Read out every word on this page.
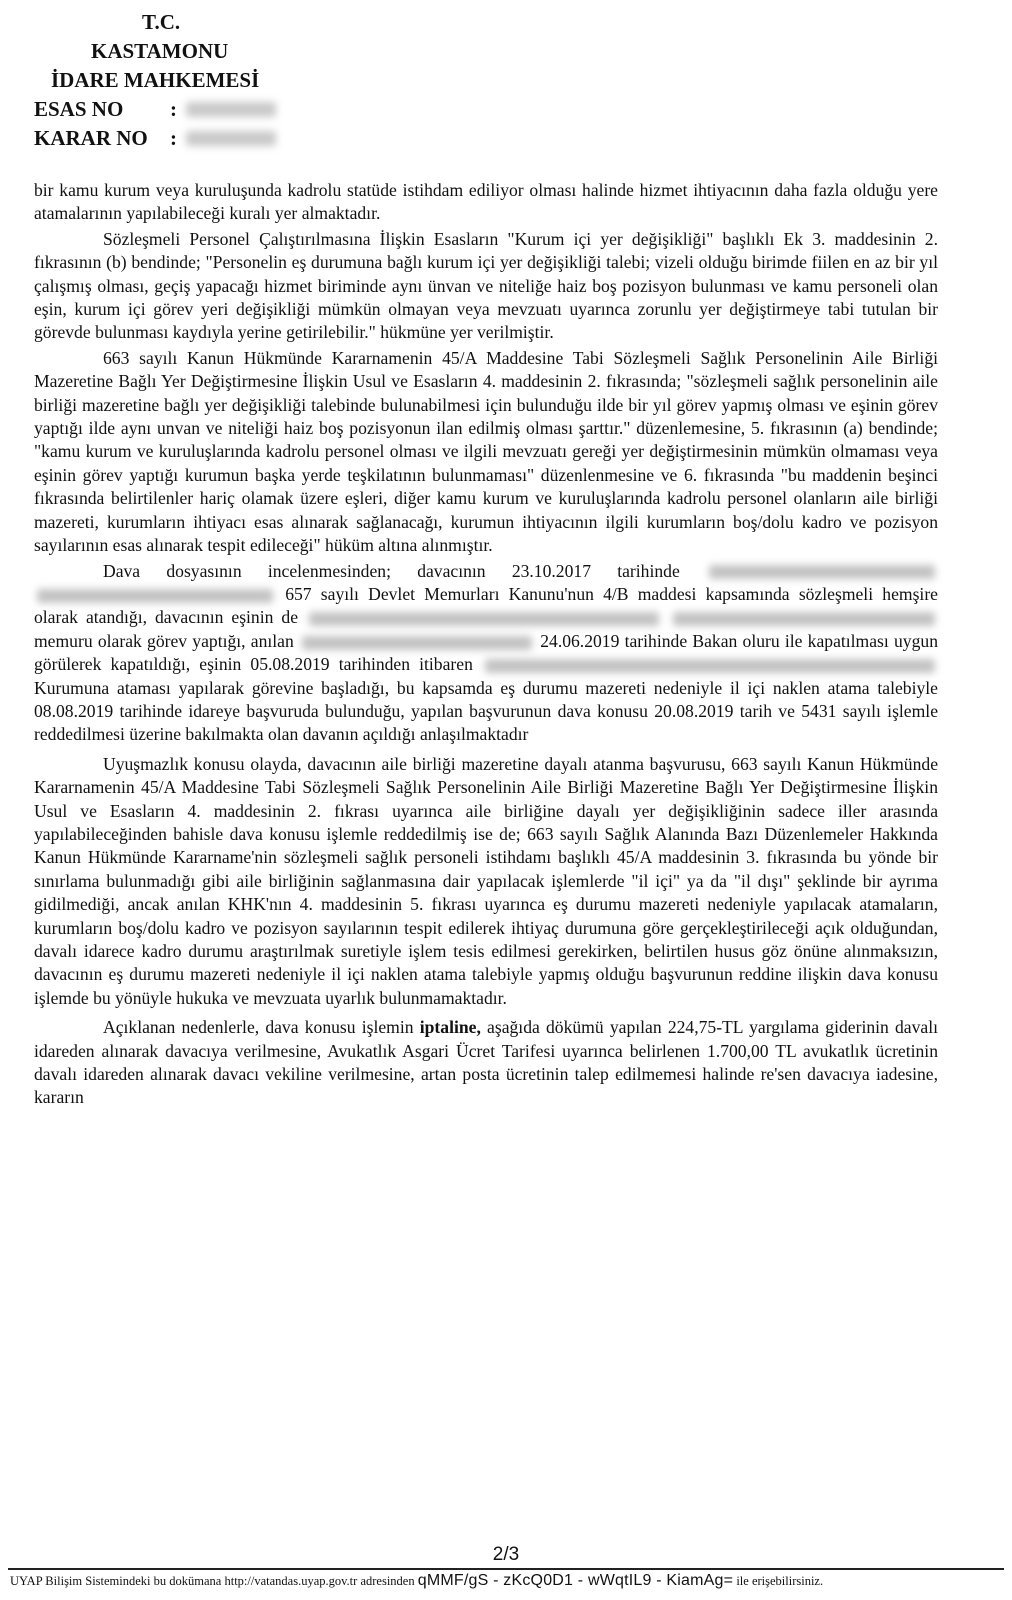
T.C.
KASTAMONU
İDARE MAHKEMESİ
ESAS NO	:
KARAR NO	:

bir kamu kurum veya kuruluşunda kadrolu statüde istihdam ediliyor olması halinde hizmet ihtiyacının daha fazla olduğu yere atamalarının yapılabileceği kuralı yer almaktadır.

Sözleşmeli Personel Çalıştırılmasına İlişkin Esasların "Kurum içi yer değişikliği" başlıklı Ek 3. maddesinin 2. fıkrasının (b) bendinde; "Personelin eş durumuna bağlı kurum içi yer değişikliği talebi; vizeli olduğu birimde fiilen en az bir yıl çalışmış olması, geçiş yapacağı hizmet biriminde aynı ünvan ve niteliğe haiz boş pozisyon bulunması ve kamu personeli olan eşin, kurum içi görev yeri değişikliği mümkün olmayan veya mevzuatı uyarınca zorunlu yer değiştirmeye tabi tutulan bir görevde bulunması kaydıyla yerine getirilebilir." hükmüne yer verilmiştir.

663 sayılı Kanun Hükmünde Kararnamenin 45/A Maddesine Tabi Sözleşmeli Sağlık Personelinin Aile Birliği Mazeretine Bağlı Yer Değiştirmesine İlişkin Usul ve Esasların 4. maddesinin 2. fıkrasında; "sözleşmeli sağlık personelinin aile birliği mazeretine bağlı yer değişikliği talebinde bulunabilmesi için bulunduğu ilde bir yıl görev yapmış olması ve eşinin görev yaptığı ilde aynı unvan ve niteliği haiz boş pozisyonun ilan edilmiş olması şarttır." düzenlemesine, 5. fıkrasının (a) bendinde; "kamu kurum ve kuruluşlarında kadrolu personel olması ve ilgili mevzuatı gereği yer değiştirmesinin mümkün olmaması veya eşinin görev yaptığı kurumun başka yerde teşkilatının bulunmaması" düzenlenmesine ve 6. fıkrasında "bu maddenin beşinci fıkrasında belirtilenler hariç olamak üzere eşleri, diğer kamu kurum ve kuruluşlarında kadrolu personel olanların aile birliği mazereti, kurumların ihtiyacı esas alınarak sağlanacağı, kurumun ihtiyacının ilgili kurumların boş/dolu kadro ve pozisyon sayılarının esas alınarak tespit edileceği" hüküm altına alınmıştır.

Dava dosyasının incelenmesinden; davacının 23.10.2017 tarihinde   657 sayılı Devlet Memurları Kanunu'nun 4/B maddesi kapsamında sözleşmeli hemşire olarak atandığı, davacının eşinin de   memuru olarak görev yaptığı, anılan	24.06.2019 tarihinde Bakan oluru ile kapatılması uygun görülerek kapatıldığı, eşinin 05.08.2019 tarihinden itibaren  Kurumuna ataması yapılarak görevine başladığı, bu kapsamda eş durumu mazereti nedeniyle il içi naklen atama talebiyle 08.08.2019 tarihinde idareye başvuruda bulunduğu, yapılan başvurunun dava konusu 20.08.2019 tarih ve 5431 sayılı işlemle reddedilmesi üzerine bakılmakta olan davanın açıldığı anlaşılmaktadır

Uyuşmazlık konusu olayda, davacının aile birliği mazeretine dayalı atanma başvurusu, 663 sayılı Kanun Hükmünde Kararnamenin 45/A Maddesine Tabi Sözleşmeli Sağlık Personelinin Aile Birliği Mazeretine Bağlı Yer Değiştirmesine İlişkin Usul ve Esasların 4. maddesinin 2. fıkrası uyarınca aile birliğine dayalı yer değişikliğinin sadece iller arasında yapılabileceğinden bahisle dava konusu işlemle reddedilmiş ise de; 663 sayılı Sağlık Alanında Bazı Düzenlemeler Hakkında Kanun Hükmünde Kararname'nin sözleşmeli sağlık personeli istihdamı başlıklı 45/A maddesinin 3. fıkrasında bu yönde bir sınırlama bulunmadığı gibi aile birliğinin sağlanmasına dair yapılacak işlemlerde "il içi" ya da "il dışı" şeklinde bir ayrıma gidilmediği, ancak anılan KHK'nın 4. maddesinin 5. fıkrası uyarınca eş durumu mazereti nedeniyle yapılacak atamaların, kurumların boş/dolu kadro ve pozisyon sayılarının tespit edilerek ihtiyaç durumuna göre gerçekleştirileceği açık olduğundan, davalı idarece kadro durumu araştırılmak suretiyle işlem tesis edilmesi gerekirken, belirtilen husus göz önüne alınmaksızın, davacının eş durumu mazereti nedeniyle il içi naklen atama talebiyle yapmış olduğu başvurunun reddine ilişkin dava konusu işlemde bu yönüyle hukuka ve mevzuata uyarlık bulunmamaktadır.

Açıklanan nedenlerle, dava konusu işlemin iptaline, aşağıda dökümü yapılan 224,75-TL yargılama giderinin davalı idareden alınarak davacıya verilmesine, Avukatlık Asgari Ücret Tarifesi uyarınca belirlenen 1.700,00 TL avukatlık ücretinin davalı idareden alınarak davacı vekiline verilmesine, artan posta ücretinin talep edilmemesi halinde re'sen davacıya iadesine, kararın

2/3
UYAP Bilişim Sistemindeki bu dokümana http://vatandas.uyap.gov.tr adresinden qMMF/gS - zKcQ0D1 - wWqtIL9 - KiamAg= ile erişebilirsiniz.
